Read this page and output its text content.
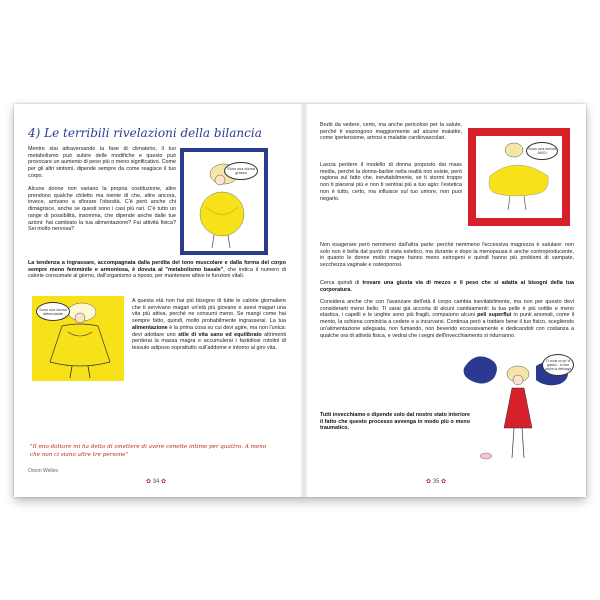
4) Le terribili rivelazioni della bilancia
Mentre stai attraversando la fase di climaterio, il tuo metabolismo può subire delle modifiche e questo può provocare un aumento di peso più o meno significativo. Come per gli altri sintomi, dipende sempre da come reagisce il tuo corpo.
Alcune donne non variano la propria costituzione, altre prendono qualche chiletto ma niente di che, altre ancora, invece, arrivano a sfiorare l'obesità. C'è però anche chi dimagrisce, anche se questi sono i casi più rari. C'è tutto un range di possibilità, insomma, che dipende anche dalle tue azioni: hai cambiato la tua alimentazione? Fai attività fisica? Sei molto nervosa?
La tendenza a ingrassare, accompagnata dalla perdita del tono muscolare e dalla forma del corpo sempre meno femminile e armoniosa, è dovuta al "metabolismo basale", che indica il numero di calorie consumate al giorno, dall'organismo a riposo, per mantenere attive le funzioni vitali.
A questa età non hai più bisogno di tutte le calorie giornaliere che ti servivano magari un'età più giovane e avevi magari una vita più attiva, perché ne consumi meno. Se mangi come hai sempre fatto, quindi, molto probabilmente ingrasserai. La tua alimentazione è la prima cosa su cui devi agire, ma non l'unica: devi adottare uno stile di vita sano ed equilibrato altrimenti perderai la massa magra e accumulerai i fastidiosi rotolini di tessuto adiposo soprattutto sull'addome e intorno al giro vita.
"Il mio dottore mi ha detto di smettere di avere cenette intime per quattro. A meno che non ci siano altre tre persone"
Orson Welles
✿ 34 ✿
Brutti da vedere, certo, ma anche pericolosi per la salute, perché ti espongono maggiormente ad alcune malattie, come ipertensione, artrosi e malattie cardiovascolari.
Lascia perdere il modello di donna proposto dai mass media, perché la donna-barbie nella realtà non esiste, però ragiona sul fatto che, inevitabilmente, se ti stormi troppo non ti piacerai più e non ti sentirai più a tuo agio: l'estetica non è tutto, certo, ma influisce sul tuo umore, non puoi negarlo.
Non esagerare però nemmeno dall'altra parte: perché nemmeno l'eccessiva magrezza è salutare: non solo non è bella dal punto di vista estetico, ma durante e dopo la menopausa è anche controproducente, in quanto le donne molto magre hanno meno estrogeni e quindi hanno più problemi di vampate, secchezza vaginale e osteoporosi.
Cerca quindi di trovare una giusta via di mezzo e il peso che si adatta ai bisogni della tua corporatura.
Considera anche che con l'avanzare dell'età il corpo cambia inevitabilmente, ma non per questo devi considerarti meno bello. Ti sarai già accorta di alcuni cambiamenti: la tua pelle è più sottile e meno elastica, i capelli e le unghie sono più fragili, compaiono alcuni peli superflui in punti anomali, come il mento, la schiena cominicia a cedere e a incurvarsi. Continua però a trattare bene il tuo fisico, scegliendo un'alimentazione adeguata, non fumando, non bevendo eccessivamente e dedicandoti con costanza a qualche ora di attività fisica, e vedrai che i segni dell'invecchiamento si ridurranno.
Tutti invecchiamo e dipende solo dal nostro stato interiore il fatto che questo processo avvenga in modo più o meno traumatico.
✿ 35 ✿
Sono una donna grassa
Sono una donna abbondante
Sono una donna ANGI
Ci vuole un po' di grasso... lo dice anche la dietologa
